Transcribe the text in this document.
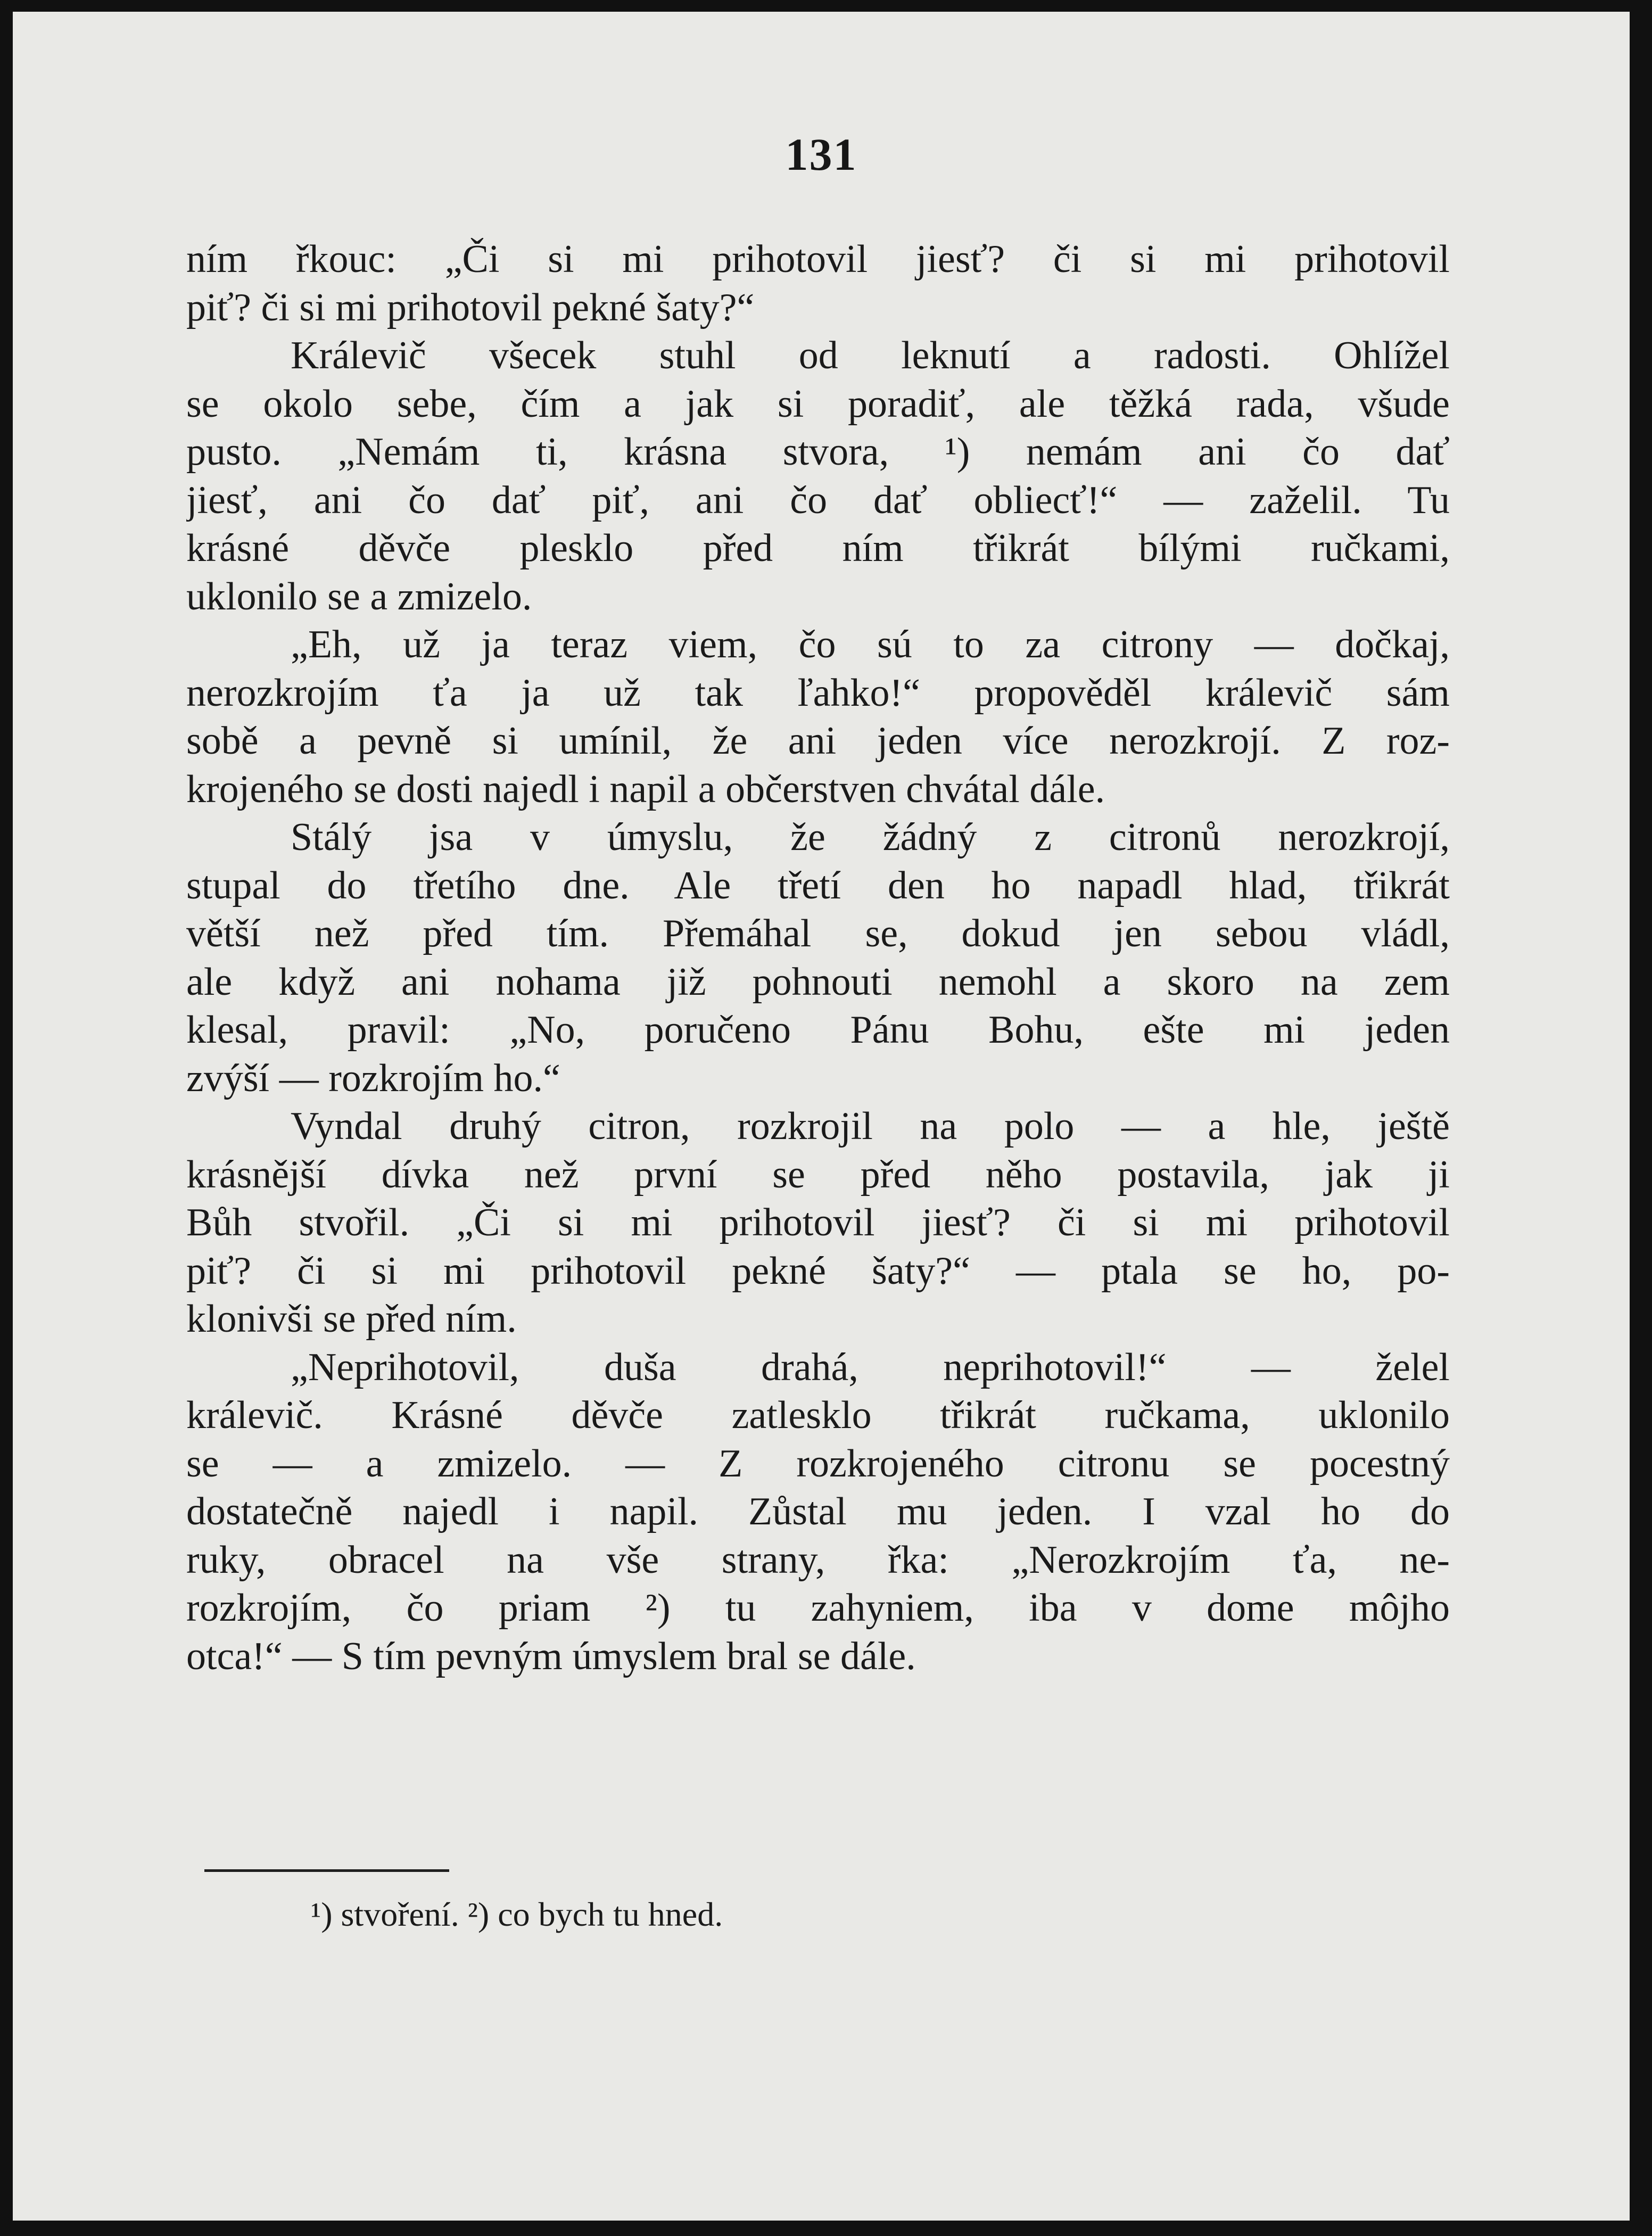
131
ním řkouc: „Či si mi prihotovil jiesť? či si mi prihotovil
piť? či si mi prihotovil pekné šaty?“
Králevič všecek stuhl od leknutí a radosti. Ohlížel
se okolo sebe, čím a jak si poradiť, ale těžká rada, všude
pusto. „Nemám ti, krásna stvora, ¹) nemám ani čo dať
jiesť, ani čo dať piť, ani čo dať obliecť!“ — zaželil. Tu
krásné děvče plesklo před ním třikrát bílými ručkami,
uklonilo se a zmizelo.
„Eh, už ja teraz viem, čo sú to za citrony — dočkaj,
nerozkrojím ťa ja už tak ľahko!“ propověděl králevič sám
sobě a pevně si umínil, že ani jeden více nerozkrojí. Z roz-
krojeného se dosti najedl i napil a občerstven chvátal dále.
Stálý jsa v úmyslu, že žádný z citronů nerozkrojí,
stupal do třetího dne. Ale třetí den ho napadl hlad, třikrát
větší než před tím. Přemáhal se, dokud jen sebou vládl,
ale když ani nohama již pohnouti nemohl a skoro na zem
klesal, pravil: „No, poručeno Pánu Bohu, ešte mi jeden
zvýší — rozkrojím ho.“
Vyndal druhý citron, rozkrojil na polo — a hle, ještě
krásnější dívka než první se před něho postavila, jak ji
Bůh stvořil. „Či si mi prihotovil jiesť? či si mi prihotovil
piť? či si mi prihotovil pekné šaty?“ — ptala se ho, po-
klonivši se před ním.
„Neprihotovil, duša drahá, neprihotovil!“ — želel
králevič. Krásné děvče zatlesklo třikrát ručkama, uklonilo
se — a zmizelo. — Z rozkrojeného citronu se pocestný
dostatečně najedl i napil. Zůstal mu jeden. I vzal ho do
ruky, obracel na vše strany, řka: „Nerozkrojím ťa, ne-
rozkrojím, čo priam ²) tu zahyniem, iba v dome môjho
otca!“ — S tím pevným úmyslem bral se dále.
¹) stvoření. ²) co bych tu hned.
